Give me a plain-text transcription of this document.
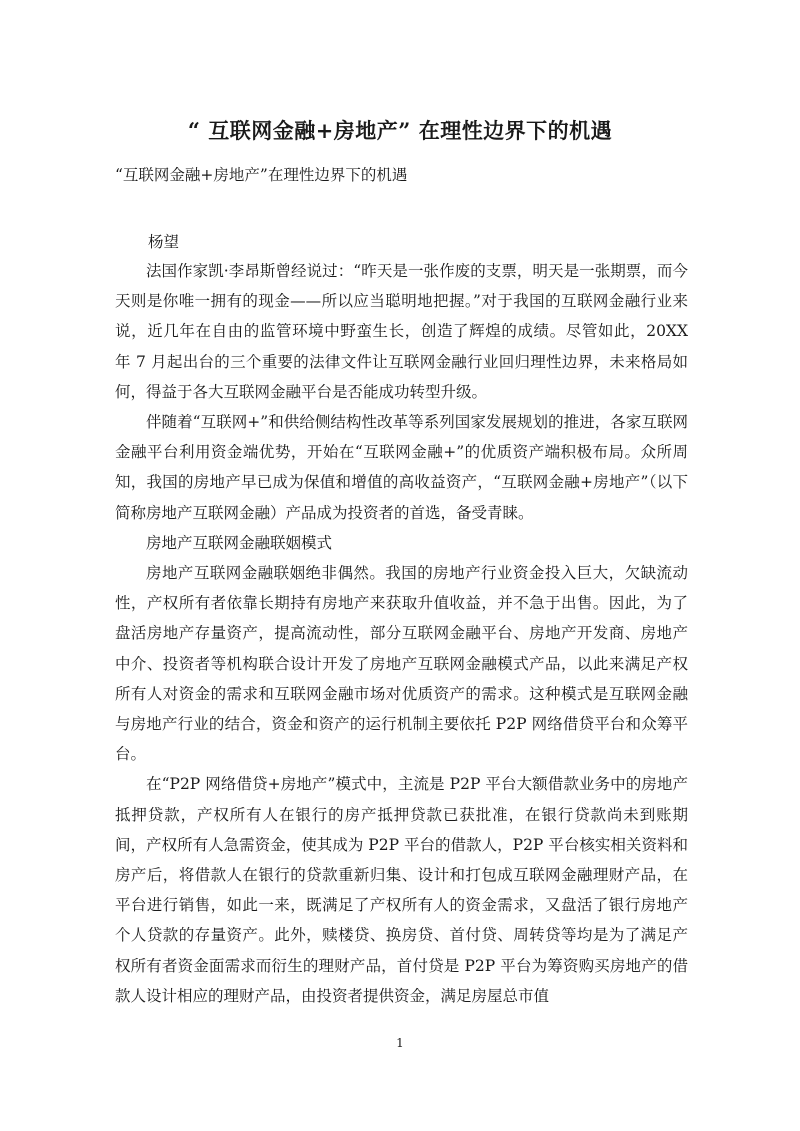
“ 互联网金融+房地产” 在理性边界下的机遇
“互联网金融+房地产”在理性边界下的机遇
杨望

法国作家凯·李昂斯曾经说过：“昨天是一张作废的支票，明天是一张期票，而今天则是你唯一拥有的现金——所以应当聪明地把握。”对于我国的互联网金融行业来说，近几年在自由的监管环境中野蛮生长，创造了辉煌的成绩。尽管如此，20XX 年 7 月起出台的三个重要的法律文件让互联网金融行业回归理性边界，未来格局如何，得益于各大互联网金融平台是否能成功转型升级。

伴随着“互联网+”和供给侧结构性改革等系列国家发展规划的推进，各家互联网金融平台利用资金端优势，开始在“互联网金融+”的优质资产端积极布局。众所周知，我国的房地产早已成为保值和增值的高收益资产，“互联网金融+房地产”（以下简称房地产互联网金融）产品成为投资者的首选，备受青睐。

房地产互联网金融联姻模式

房地产互联网金融联姻绝非偶然。我国的房地产行业资金投入巨大，欠缺流动性，产权所有者依靠长期持有房地产来获取升值收益，并不急于出售。因此，为了盘活房地产存量资产，提高流动性，部分互联网金融平台、房地产开发商、房地产中介、投资者等机构联合设计开发了房地产互联网金融模式产品，以此来满足产权所有人对资金的需求和互联网金融市场对优质资产的需求。这种模式是互联网金融与房地产行业的结合，资金和资产的运行机制主要依托 P2P 网络借贷平台和众筹平台。

在“P2P 网络借贷+房地产”模式中，主流是 P2P 平台大额借款业务中的房地产抵押贷款，产权所有人在银行的房产抵押贷款已获批准，在银行贷款尚未到账期间，产权所有人急需资金，使其成为 P2P 平台的借款人，P2P 平台核实相关资料和房产后，将借款人在银行的贷款重新归集、设计和打包成互联网金融理财产品，在平台进行销售，如此一来，既满足了产权所有人的资金需求，又盘活了银行房地产个人贷款的存量资产。此外，赎楼贷、换房贷、首付贷、周转贷等均是为了满足产权所有者资金面需求而衍生的理财产品，首付贷是 P2P 平台为筹资购买房地产的借款人设计相应的理财产品，由投资者提供资金，满足房屋总市值

1
